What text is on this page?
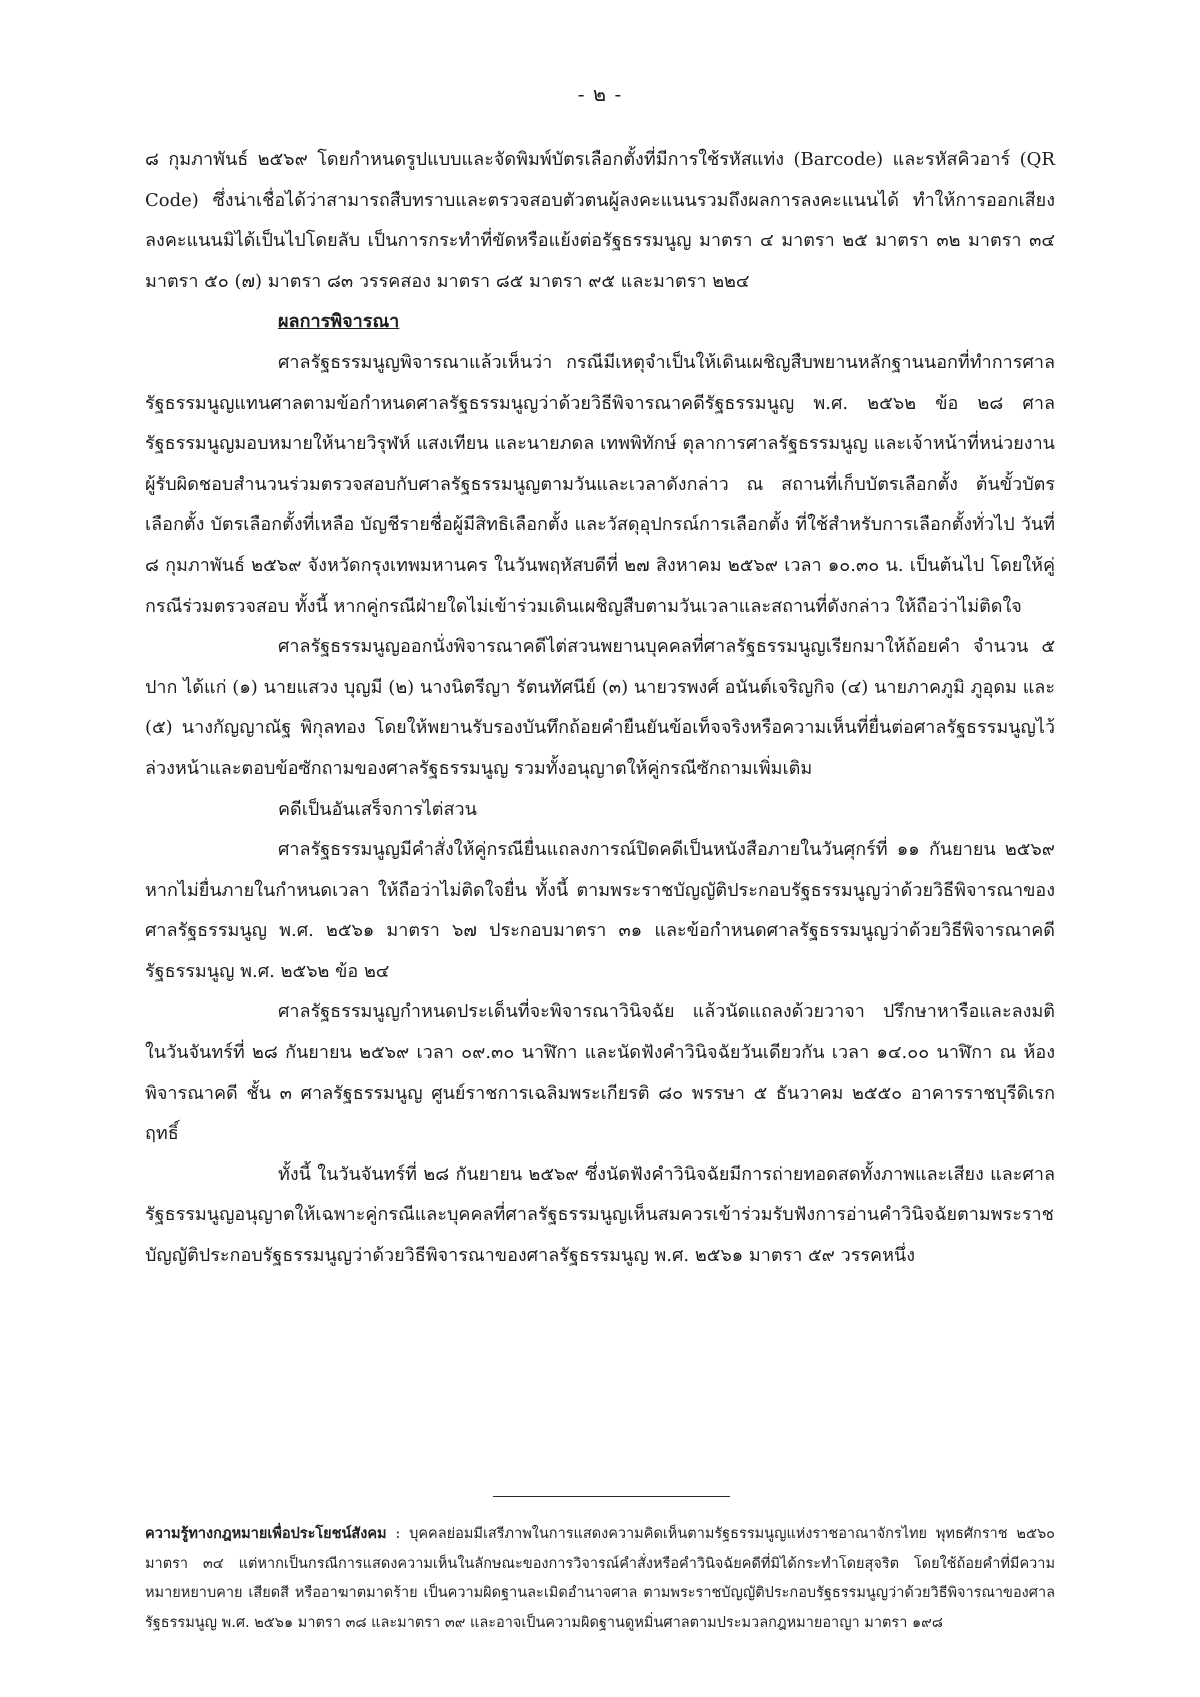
- ๒ -

๘ กุมภาพันธ์ ๒๕๖๙ โดยกำหนดรูปแบบและจัดพิมพ์บัตรเลือกตั้งที่มีการใช้รหัสแท่ง (Barcode) และรหัสคิวอาร์ (QR Code) ซึ่งน่าเชื่อได้ว่าสามารถสืบทราบและตรวจสอบตัวตนผู้ลงคะแนนรวมถึงผลการลงคะแนนได้ ทำให้การออกเสียงลงคะแนนมิได้เป็นไปโดยลับ เป็นการกระทำที่ขัดหรือแย้งต่อรัฐธรรมนูญ มาตรา ๔ มาตรา ๒๕ มาตรา ๓๒ มาตรา ๓๔ มาตรา ๕๐ (๗) มาตรา ๘๓ วรรคสอง มาตรา ๘๕ มาตรา ๙๕ และมาตรา ๒๒๔

ผลการพิจารณา

ศาลรัฐธรรมนูญพิจารณาแล้วเห็นว่า กรณีมีเหตุจำเป็นให้เดินเผชิญสืบพยานหลักฐานนอกที่ทำการศาลรัฐธรรมนูญแทนศาลตามข้อกำหนดศาลรัฐธรรมนูญว่าด้วยวิธีพิจารณาคดีรัฐธรรมนูญ พ.ศ. ๒๕๖๒ ข้อ ๒๘ ศาลรัฐธรรมนูญมอบหมายให้นายวิรุฬห์ แสงเทียน และนายภดล เทพพิทักษ์ ตุลาการศาลรัฐธรรมนูญ และเจ้าหน้าที่หน่วยงานผู้รับผิดชอบสำนวนร่วมตรวจสอบกับศาลรัฐธรรมนูญตามวันและเวลาดังกล่าว ณ สถานที่เก็บบัตรเลือกตั้ง ต้นขั้วบัตรเลือกตั้ง บัตรเลือกตั้งที่เหลือ บัญชีรายชื่อผู้มีสิทธิเลือกตั้ง และวัสดุอุปกรณ์การเลือกตั้ง ที่ใช้สำหรับการเลือกตั้งทั่วไป วันที่ ๘ กุมภาพันธ์ ๒๕๖๙ จังหวัดกรุงเทพมหานคร ในวันพฤหัสบดีที่ ๒๗ สิงหาคม ๒๕๖๙ เวลา ๑๐.๓๐ น. เป็นต้นไป โดยให้คู่กรณีร่วมตรวจสอบ ทั้งนี้ หากคู่กรณีฝ่ายใดไม่เข้าร่วมเดินเผชิญสืบตามวันเวลาและสถานที่ดังกล่าว ให้ถือว่าไม่ติดใจ

ศาลรัฐธรรมนูญออกนั่งพิจารณาคดีไต่สวนพยานบุคคลที่ศาลรัฐธรรมนูญเรียกมาให้ถ้อยคำ จำนวน ๕ ปาก ได้แก่ (๑) นายแสวง บุญมี (๒) นางนิตรีญา รัตนทัศนีย์ (๓) นายวรพงศ์ อนันต์เจริญกิจ (๔) นายภาคภูมิ ภูอุดม และ (๕) นางกัญญาณัฐ พิกุลทอง โดยให้พยานรับรองบันทึกถ้อยคำยืนยันข้อเท็จจริงหรือความเห็นที่ยื่นต่อศาลรัฐธรรมนูญไว้ล่วงหน้าและตอบข้อซักถามของศาลรัฐธรรมนูญ รวมทั้งอนุญาตให้คู่กรณีซักถามเพิ่มเติม

คดีเป็นอันเสร็จการไต่สวน

ศาลรัฐธรรมนูญมีคำสั่งให้คู่กรณียื่นแถลงการณ์ปิดคดีเป็นหนังสือภายในวันศุกร์ที่ ๑๑ กันยายน ๒๕๖๙ หากไม่ยื่นภายในกำหนดเวลา ให้ถือว่าไม่ติดใจยื่น ทั้งนี้ ตามพระราชบัญญัติประกอบรัฐธรรมนูญว่าด้วยวิธีพิจารณาของศาลรัฐธรรมนูญ พ.ศ. ๒๕๖๑ มาตรา ๖๗ ประกอบมาตรา ๓๑ และข้อกำหนดศาลรัฐธรรมนูญว่าด้วยวิธีพิจารณาคดีรัฐธรรมนูญ พ.ศ. ๒๕๖๒ ข้อ ๒๔

ศาลรัฐธรรมนูญกำหนดประเด็นที่จะพิจารณาวินิจฉัย แล้วนัดแถลงด้วยวาจา ปรึกษาหารือและลงมติ ในวันจันทร์ที่ ๒๘ กันยายน ๒๕๖๙ เวลา ๐๙.๓๐ นาฬิกา และนัดฟังคำวินิจฉัยวันเดียวกัน เวลา ๑๔.๐๐ นาฬิกา ณ ห้องพิจารณาคดี ชั้น ๓ ศาลรัฐธรรมนูญ ศูนย์ราชการเฉลิมพระเกียรติ ๘๐ พรรษา ๕ ธันวาคม ๒๕๕๐ อาคารราชบุรีดิเรกฤทธิ์

ทั้งนี้ ในวันจันทร์ที่ ๒๘ กันยายน ๒๕๖๙ ซึ่งนัดฟังคำวินิจฉัยมีการถ่ายทอดสดทั้งภาพและเสียง และศาลรัฐธรรมนูญอนุญาตให้เฉพาะคู่กรณีและบุคคลที่ศาลรัฐธรรมนูญเห็นสมควรเข้าร่วมรับฟังการอ่านคำวินิจฉัยตามพระราชบัญญัติประกอบรัฐธรรมนูญว่าด้วยวิธีพิจารณาของศาลรัฐธรรมนูญ พ.ศ. ๒๕๖๑ มาตรา ๕๙ วรรคหนึ่ง

ความรู้ทางกฎหมายเพื่อประโยชน์สังคม : บุคคลย่อมมีเสรีภาพในการแสดงความคิดเห็นตามรัฐธรรมนูญแห่งราชอาณาจักรไทย พุทธศักราช ๒๕๖๐ มาตรา ๓๔ แต่หากเป็นกรณีการแสดงความเห็นในลักษณะของการวิจารณ์คำสั่งหรือคำวินิจฉัยคดีที่มิได้กระทำโดยสุจริต โดยใช้ถ้อยคำที่มีความหมายหยาบคาย เสียดสี หรืออาฆาตมาดร้าย เป็นความผิดฐานละเมิดอำนาจศาล ตามพระราชบัญญัติประกอบรัฐธรรมนูญว่าด้วยวิธีพิจารณาของศาลรัฐธรรมนูญ พ.ศ. ๒๕๖๑ มาตรา ๓๘ และมาตรา ๓๙ และอาจเป็นความผิดฐานดูหมิ่นศาลตามประมวลกฎหมายอาญา มาตรา ๑๙๘
